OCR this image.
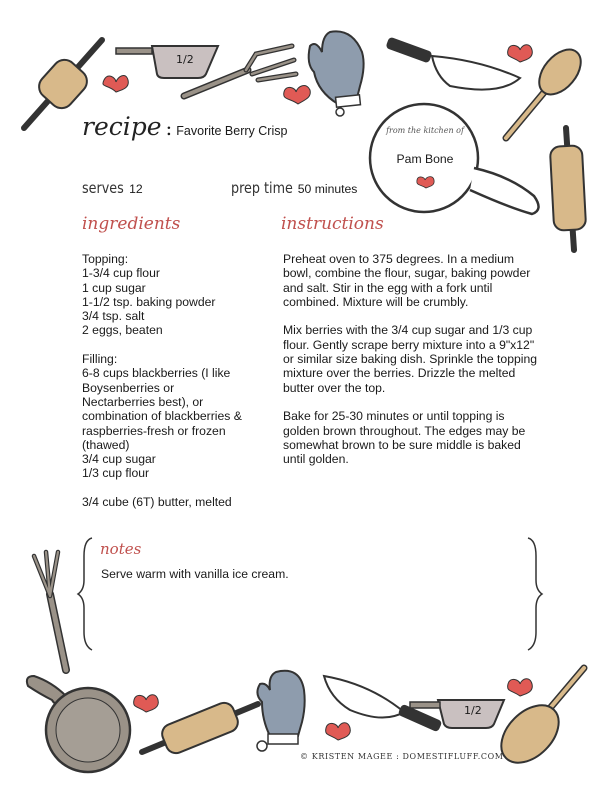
1/2
1/2
recipe : Favorite Berry Crisp	from the kitchen of
Pam Bone
serves 12	prep time 50 minutes
ingredients	instructions
Topping:
1-3/4 cup flour
1 cup sugar
1-1/2 tsp. baking powder
3/4 tsp. salt
2 eggs, beaten

Filling:
6-8 cups blackberries (I like
Boysenberries or
Nectarberries best), or
combination of blackberries &
raspberries-fresh or frozen
(thawed)
3/4 cup sugar
1/3 cup flour

3/4 cube (6T) butter, melted
Preheat oven to 375 degrees. In a medium
bowl, combine the flour, sugar, baking powder
and salt. Stir in the egg with a fork until
combined. Mixture will be crumbly.

Mix berries with the 3/4 cup sugar and 1/3 cup
flour. Gently scrape berry mixture into a 9"x12"
or similar size baking dish. Sprinkle the topping
mixture over the berries. Drizzle the melted
butter over the top.

Bake for 25-30 minutes or until topping is
golden brown throughout. The edges may be
somewhat brown to be sure middle is baked
until golden.
notes
Serve warm with vanilla ice cream.
© KRISTEN MAGEE : DOMESTIFLUFF.COM
